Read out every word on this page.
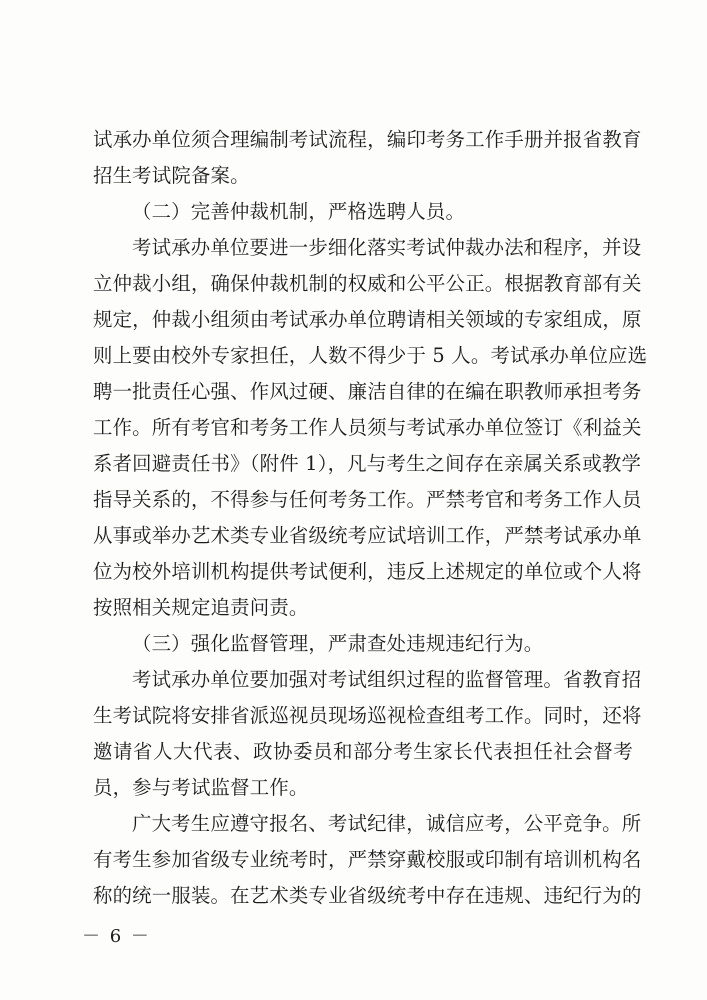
试承办单位须合理编制考试流程，编印考务工作手册并报省教育
招生考试院备案。
（二）完善仲裁机制，严格选聘人员。
考试承办单位要进一步细化落实考试仲裁办法和程序，并设
立仲裁小组，确保仲裁机制的权威和公平公正。根据教育部有关
规定，仲裁小组须由考试承办单位聘请相关领域的专家组成，原
则上要由校外专家担任，人数不得少于 5 人。考试承办单位应选
聘一批责任心强、作风过硬、廉洁自律的在编在职教师承担考务
工作。所有考官和考务工作人员须与考试承办单位签订《利益关
系者回避责任书》（附件 1），凡与考生之间存在亲属关系或教学
指导关系的，不得参与任何考务工作。严禁考官和考务工作人员
从事或举办艺术类专业省级统考应试培训工作，严禁考试承办单
位为校外培训机构提供考试便利，违反上述规定的单位或个人将
按照相关规定追责问责。
（三）强化监督管理，严肃查处违规违纪行为。
考试承办单位要加强对考试组织过程的监督管理。省教育招
生考试院将安排省派巡视员现场巡视检查组考工作。同时，还将
邀请省人大代表、政协委员和部分考生家长代表担任社会督考
员，参与考试监督工作。
广大考生应遵守报名、考试纪律，诚信应考，公平竞争。所
有考生参加省级专业统考时，严禁穿戴校服或印制有培训机构名
称的统一服装。在艺术类专业省级统考中存在违规、违纪行为的
－ 6 －
